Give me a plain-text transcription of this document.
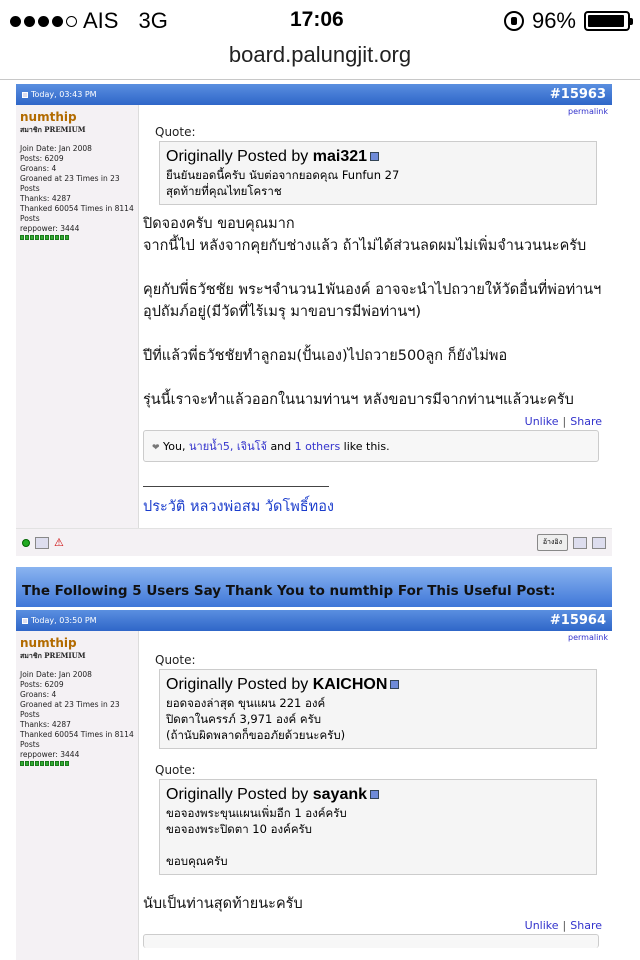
AIS 3G	17:06	96%
board.palungjit.org
Today, 03:43 PM	#15963
numthip
สมาชิก PREMIUM
Join Date: Jan 2008
Posts: 6209
Groans: 4
Groaned at 23 Times in 23 Posts
Thanks: 4287
Thanked 60054 Times in 8114 Posts
reppower: 3444
permalink
Quote:
Originally Posted by mai321
ยืนยันยอดนี้ครับ นับต่อจากยอดคุณ Funfun 27
สุดท้ายที่คุณไทยโคราช

ปิดจองครับ ขอบคุณมาก
จากนี้ไป หลังจากคุยกับช่างแล้ว ถ้าไม่ได้ส่วนลดผมไม่เพิ่มจำนวนนะครับ

คุยกับพี่ธวัชชัย พระฯจำนวน1พันองค์ อาจจะนำไปถวายให้วัดอื่นที่พ่อท่านฯอุปถัมภ์อยู่(มีวัดที่ไร้เมรุ มาขอบารมีพ่อท่านฯ)

ปีที่แล้วพี่ธวัชชัยทำลูกอม(ปั้นเอง)ไปถวาย500ลูก ก็ยังไม่พอ

รุ่นนี้เราจะทำแล้วออกในนามท่านฯ หลังขอบารมีจากท่านฯแล้วนะครับ

Unlike | Share
❤ You, นายน้ำ5, เจินโจ้ and 1 others like this.
ประวัติ หลวงพ่อสม วัดโพธิ์ทอง
⚠	อ้างอิง
The Following 5 Users Say Thank You to numthip For This Useful Post:
Today, 03:50 PM	#15964
numthip
สมาชิก PREMIUM
Join Date: Jan 2008
Posts: 6209
Groans: 4
Groaned at 23 Times in 23 Posts
Thanks: 4287
Thanked 60054 Times in 8114 Posts
reppower: 3444
permalink
Quote:
Originally Posted by KAICHON
ยอดจองล่าสุด ขุนแผน 221 องค์
ปิดตาในครรภ์ 3,971 องค์ ครับ
(ถ้านับผิดพลาดก็ขออภัยด้วยนะครับ)
Quote:
Originally Posted by sayank
ขอจองพระขุนแผนเพิ่มอีก 1 องค์ครับ
ขอจองพระปิดตา 10 องค์ครับ
ขอบคุณครับ

นับเป็นท่านสุดท้ายนะครับ

Unlike | Share
